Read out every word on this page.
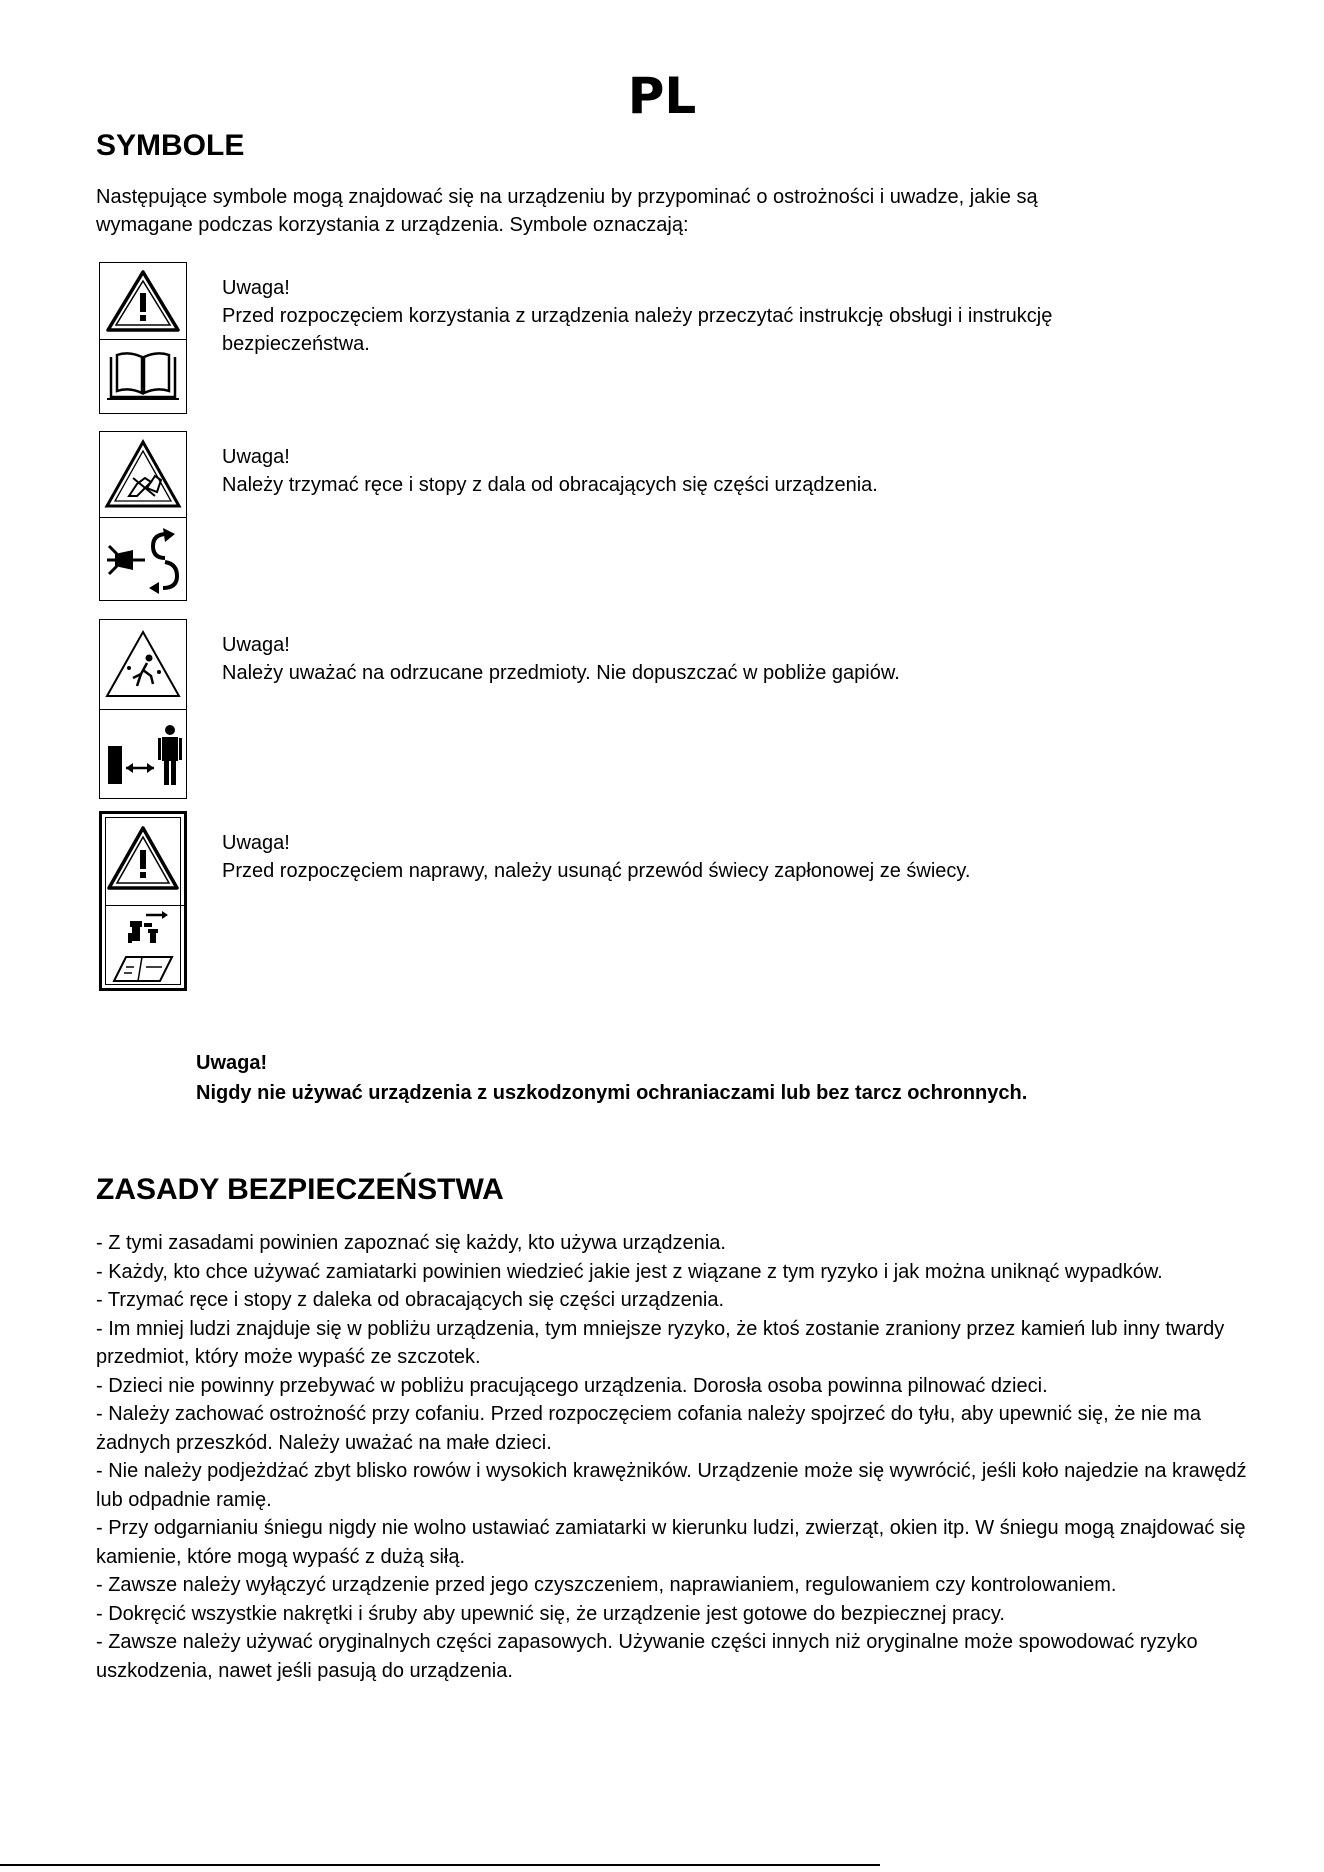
PL
SYMBOLE

Następujące symbole mogą znajdować się na urządzeniu by przypominać o ostrożności i uwadze, jakie są

wymagane podczas korzystania z urządzenia. Symbole oznaczają:

Uwaga!

Przed rozpoczęciem korzystania z urządzenia należy przeczytać instrukcję obsługi i instrukcję

bezpieczeństwa.

Uwaga!

Należy trzymać ręce i stopy z dala od obracających się części urządzenia.

Uwaga!

Należy uważać na odrzucane przedmioty. Nie dopuszczać w pobliże gapiów.

Uwaga!

Przed rozpoczęciem naprawy, należy usunąć przewód świecy zapłonowej ze świecy.

Uwaga!

Nigdy nie używać urządzenia z uszkodzonymi ochraniaczami lub bez tarcz ochronnych.

ZASADY BEZPIECZEŃSTWA
- Z tymi zasadami powinien zapoznać się każdy, kto używa urządzenia.
- Każdy, kto chce używać zamiatarki powinien wiedzieć jakie jest z wiązane z tym ryzyko i jak można uniknąć wypadków.
- Trzymać ręce i stopy z daleka od obracających się części urządzenia.
- Im mniej ludzi znajduje się w pobliżu urządzenia, tym mniejsze ryzyko, że ktoś zostanie zraniony przez kamień lub inny twardy przedmiot, który może wypaść ze szczotek.
- Dzieci nie powinny przebywać w pobliżu pracującego urządzenia. Dorosła osoba powinna pilnować dzieci.
- Należy zachować ostrożność przy cofaniu. Przed rozpoczęciem cofania należy spojrzeć do tyłu, aby upewnić się, że nie ma żadnych przeszkód. Należy uważać na małe dzieci.
- Nie należy podjeżdżać zbyt blisko rowów i wysokich krawężników. Urządzenie może się wywrócić, jeśli koło najedzie na krawędź lub odpadnie ramię.
- Przy odgarnianiu śniegu nigdy nie wolno ustawiać zamiatarki w kierunku ludzi, zwierząt, okien itp. W śniegu mogą znajdować się kamienie, które mogą wypaść z dużą siłą.
- Zawsze należy wyłączyć urządzenie przed jego czyszczeniem, naprawianiem, regulowaniem czy kontrolowaniem.
- Dokręcić wszystkie nakrętki i śruby aby upewnić się, że urządzenie jest gotowe do bezpiecznej pracy.
- Zawsze należy używać oryginalnych części zapasowych. Używanie części innych niż oryginalne może spowodować ryzyko uszkodzenia, nawet jeśli pasują do urządzenia.
